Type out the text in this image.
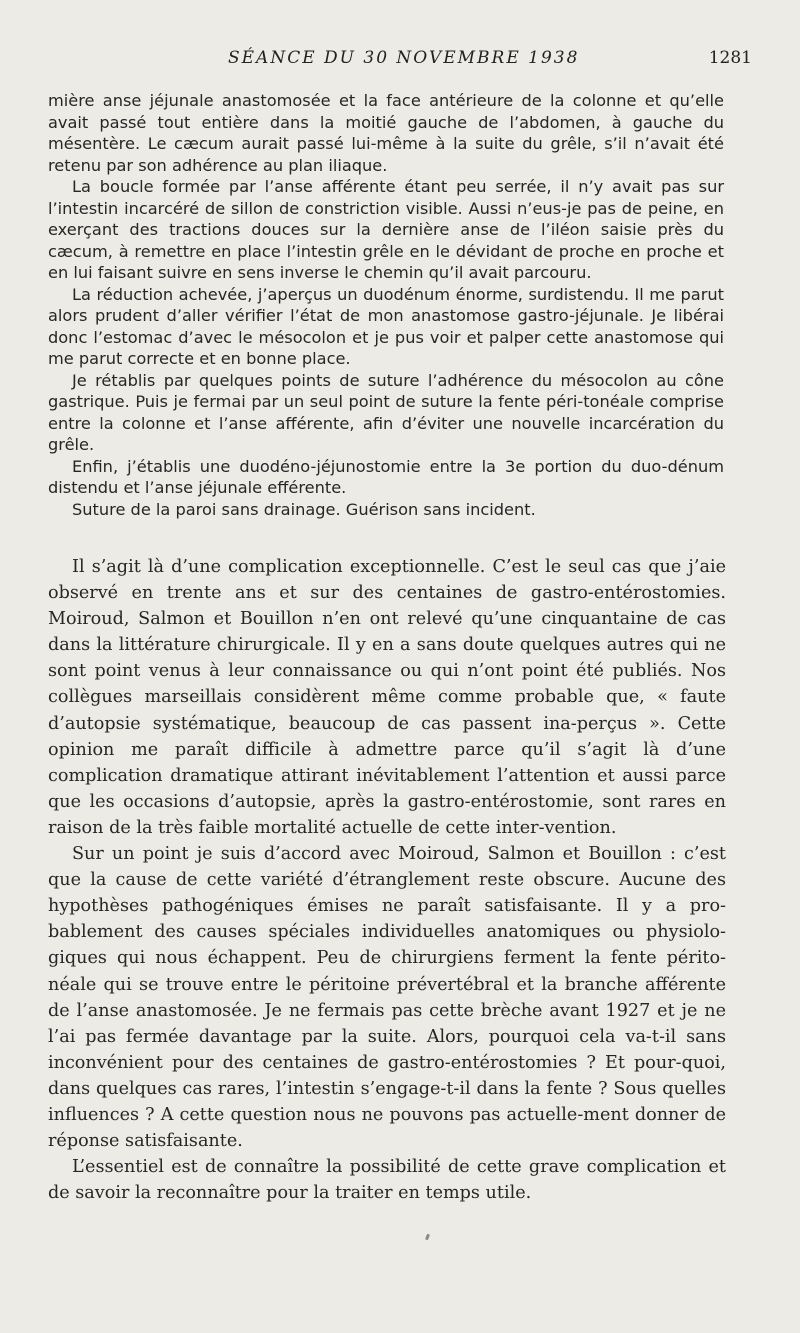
SÉANCE DU 30 NOVEMBRE 1938	1281

mière anse jéjunale anastomosée et la face antérieure de la colonne et qu’elle avait passé tout entière dans la moitié gauche de l’abdomen, à gauche du mésentère. Le cæcum aurait passé lui-même à la suite du grêle, s’il n’avait été retenu par son adhérence au plan iliaque.

La boucle formée par l’anse afférente étant peu serrée, il n’y avait pas sur l’intestin incarcéré de sillon de constriction visible. Aussi n’eus-je pas de peine, en exerçant des tractions douces sur la dernière anse de l’iléon saisie près du cæcum, à remettre en place l’intestin grêle en le dévidant de proche en proche et en lui faisant suivre en sens inverse le chemin qu’il avait parcouru.

La réduction achevée, j’aperçus un duodénum énorme, surdistendu. Il me parut alors prudent d’aller vérifier l’état de mon anastomose gastro-jéjunale. Je libérai donc l’estomac d’avec le mésocolon et je pus voir et palper cette anastomose qui me parut correcte et en bonne place.

Je rétablis par quelques points de suture l’adhérence du mésocolon au cône gastrique. Puis je fermai par un seul point de suture la fente péri-tonéale comprise entre la colonne et l’anse afférente, afin d’éviter une nouvelle incarcération du grêle.

Enfin, j’établis une duodéno-jéjunostomie entre la 3e portion du duo-dénum distendu et l’anse jéjunale efférente.

Suture de la paroi sans drainage. Guérison sans incident.

Il s’agit là d’une complication exceptionnelle. C’est le seul cas que j’aie observé en trente ans et sur des centaines de gastro-entérostomies. Moiroud, Salmon et Bouillon n’en ont relevé qu’une cinquantaine de cas dans la littérature chirurgicale. Il y en a sans doute quelques autres qui ne sont point venus à leur connaissance ou qui n’ont point été publiés. Nos collègues marseillais considèrent même comme probable que, « faute d’autopsie systématique, beaucoup de cas passent ina-perçus ». Cette opinion me paraît difficile à admettre parce qu’il s’agit là d’une complication dramatique attirant inévitablement l’attention et aussi parce que les occasions d’autopsie, après la gastro-entérostomie, sont rares en raison de la très faible mortalité actuelle de cette inter-vention.

Sur un point je suis d’accord avec Moiroud, Salmon et Bouillon : c’est que la cause de cette variété d’étranglement reste obscure. Aucune des hypothèses pathogéniques émises ne paraît satisfaisante. Il y a pro-bablement des causes spéciales individuelles anatomiques ou physiolo-giques qui nous échappent. Peu de chirurgiens ferment la fente périto-néale qui se trouve entre le péritoine prévertébral et la branche afférente de l’anse anastomosée. Je ne fermais pas cette brèche avant 1927 et je ne l’ai pas fermée davantage par la suite. Alors, pourquoi cela va-t-il sans inconvénient pour des centaines de gastro-entérostomies ? Et pour-quoi, dans quelques cas rares, l’intestin s’engage-t-il dans la fente ? Sous quelles influences ? A cette question nous ne pouvons pas actuelle-ment donner de réponse satisfaisante.

L’essentiel est de connaître la possibilité de cette grave complication et de savoir la reconnaître pour la traiter en temps utile.
